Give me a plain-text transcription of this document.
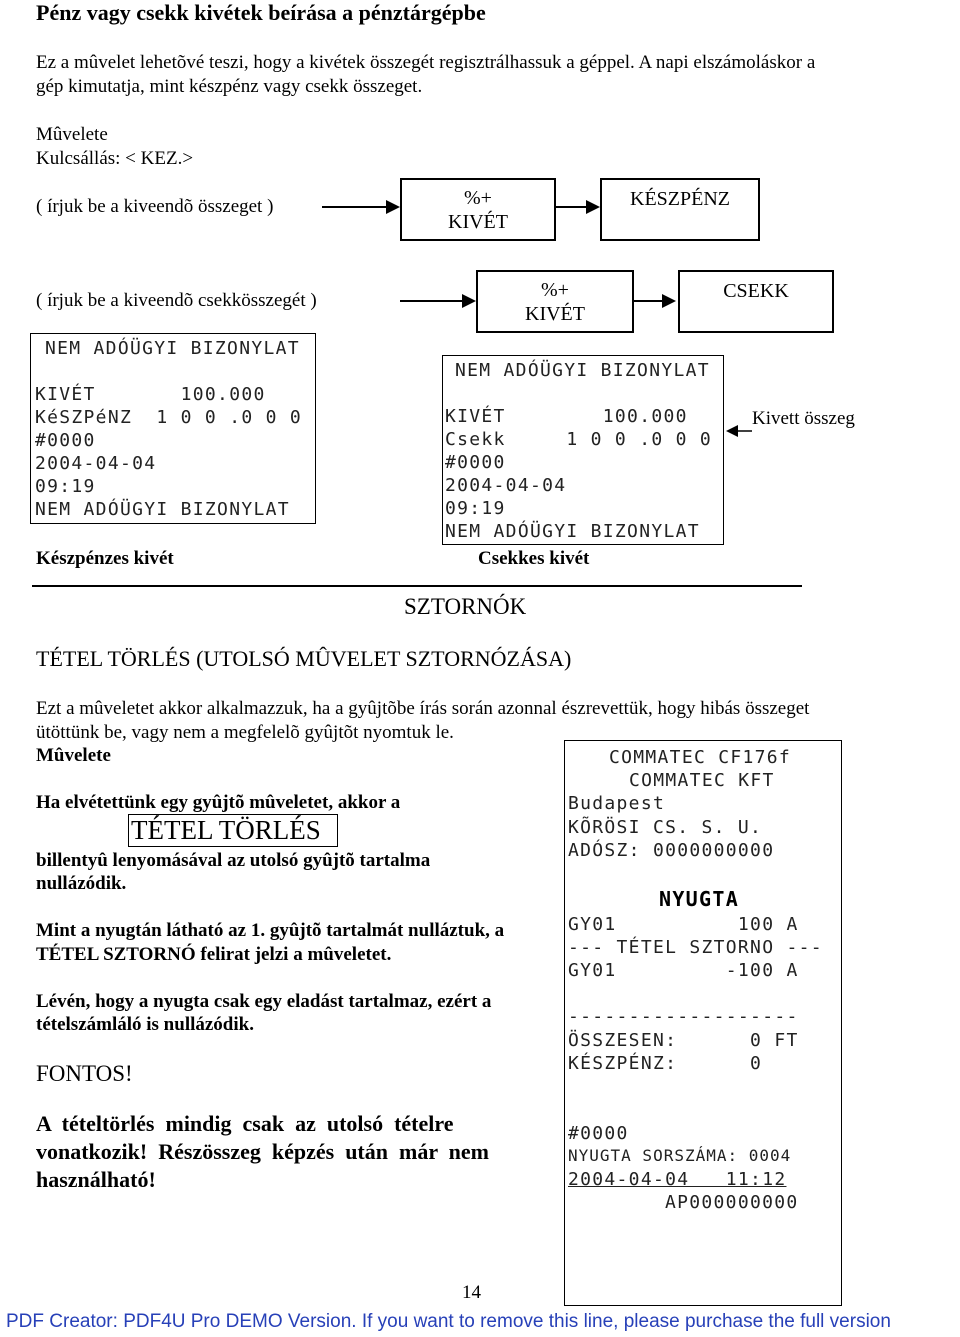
Pénz vagy csekk kivétek beírása a pénztárgépbe
Ez a mûvelet lehetõvé teszi, hogy a kivétek összegét regisztrálhassuk a géppel. A napi elszámoláskor a
gép kimutatja, mint készpénz vagy csekk összeget.
Mûvelete
Kulcsállás: < KEZ.>
( írjuk be a kiveendõ összeget )	%+
KIVÉT
KÉSZPÉNZ
( írjuk be a kiveendõ csekkösszegét )	%+
KIVÉT
CSEKK
NEM ADÓÜGYI BIZONYLAT
KIVÉT       100.000
KéSZPéNZ  1 0 0 .0 0 0
#0000
2004-04-04
09:19
NEM ADÓÜGYI BIZONYLAT
Készpénzes kivét
NEM ADÓÜGYI BIZONYLAT
KIVÉT        100.000
Csekk     1 0 0 .0 0 0
#0000
2004-04-04
09:19
NEM ADÓÜGYI BIZONYLAT
Csekkes kivét
Kivett összeg
SZTORNÓK
TÉTEL TÖRLÉS (UTOLSÓ MÛVELET SZTORNÓZÁSA)
Ezt a mûveletet akkor alkalmazzuk, ha a gyûjtõbe írás során azonnal észrevettük, hogy hibás összeget
ütöttünk be, vagy nem a megfelelõ gyûjtõt nyomtuk le.
Mûvelete
Ha elvétettünk egy gyûjtõ mûveletet, akkor a
TÉTEL TÖRLÉS
billentyû lenyomásával az utolsó gyûjtõ tartalma
nullázódik.
Mint a nyugtán látható az 1. gyûjtõ tartalmát nulláztuk, a
TÉTEL SZTORNÓ felirat jelzi a mûveletet.
Lévén, hogy a nyugta csak egy eladást tartalmaz, ezért a
tételszámláló is nullázódik.
FONTOS!
A  tételtörlés  mindig  csak  az  utolsó  tételre
vonatkozik!  Részösszeg  képzés  után  már  nem
használható!
COMMATEC CF176f
COMMATEC KFT
Budapest
KÕRÖSI CS. S. U.
ADÓSZ: 0000000000
NYUGTA
GY01          100 A
--- TÉTEL SZTORNO ---
GY01         -100 A
-------------------
ÖSSZESEN:      0 FT
KÉSZPÉNZ:      0
#0000
NYUGTA SORSZÁMA: 0004
2004-04-04   11:12
AP000000000
14
PDF Creator: PDF4U Pro DEMO Version. If you want to remove this line, please purchase the full version
